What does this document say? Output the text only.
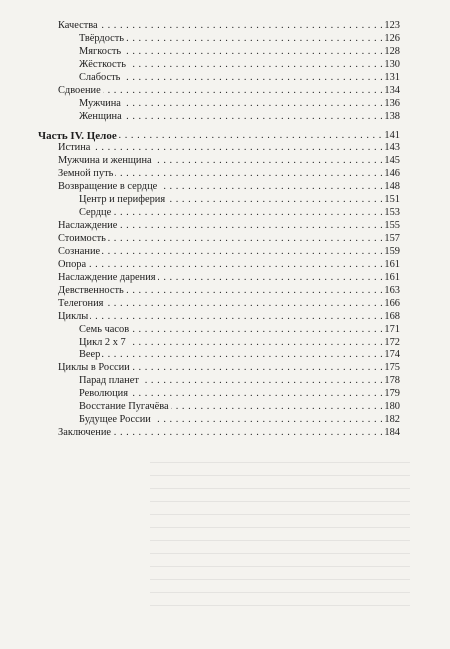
. . .
Качества	123
. . .
Твёрдость	126
. . .
Мягкость	128
. . .
Жёсткость	130
. . .
Слабость	131
. . .
Сдвоение	134
. . .
Мужчина	136
. . .
Женщина	138
. . .
Часть IV. Целое	141
. . .
Истина	143
. . .
Мужчина и женщина	145
. . .
Земной путь	146
. . .
Возвращение в сердце	148
. . .
Центр и периферия	151
. . .
Сердце	153
. . .
Наслаждение	155
. . .
Стоимость	157
. . .
Сознание	159
. . .
Опора	161
. . .
Наслаждение дарения	161
. . .
Девственность	163
. . .
Телегония	166
. . .
Циклы	168
. . .
Семь часов	171
. . .
Цикл 2 х 7	172
. . .
Веер	174
. . .
Циклы в России	175
. . .
Парад планет	178
. . .
Революция	179
. . .
Восстание Пугачёва	180
. . .
Будущее России	182
. . .
Заключение	184
